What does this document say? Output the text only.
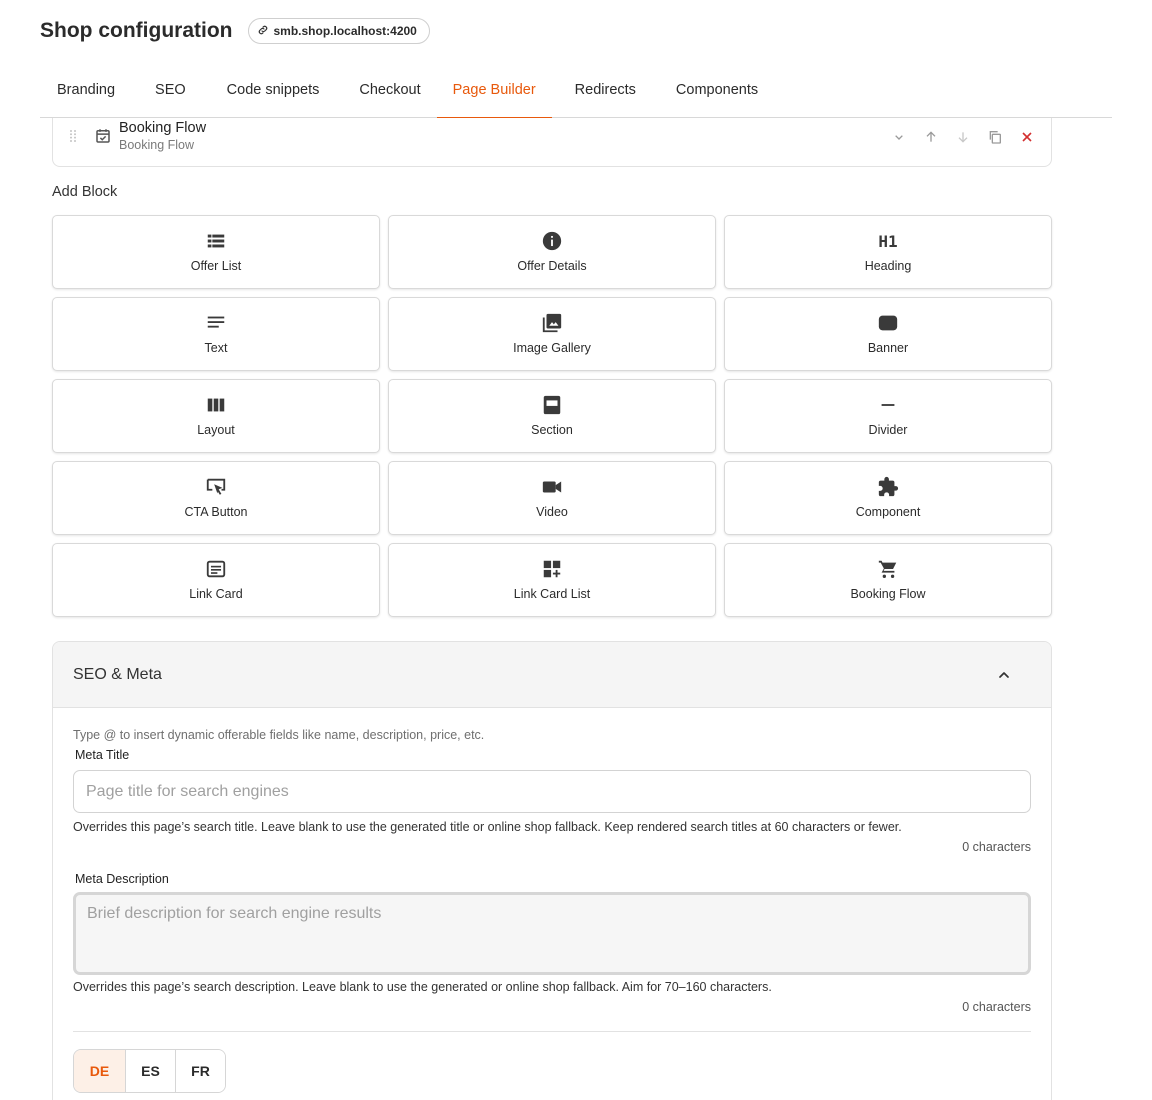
Shop configuration	smb.shop.localhost:4200
Branding	SEO	Code snippets	Checkout	Page Builder	Redirects	Components
Booking Flow
Booking Flow
Add Block
Offer List	Offer Details
H1
Heading
Text	Image Gallery	Banner
Layout	Section	Divider
CTA Button	Video	Component
Link Card	Link Card List	Booking Flow
SEO & Meta
Type @ to insert dynamic offerable fields like name, description, price, etc.
Meta Title
Page title for search engines
Overrides this page’s search title. Leave blank to use the generated title or online shop fallback. Keep rendered search titles at 60 characters or fewer.
0 characters
Meta Description
Brief description for search engine results
Overrides this page’s search description. Leave blank to use the generated or online shop fallback. Aim for 70–160 characters.
0 characters
DE	ES	FR
